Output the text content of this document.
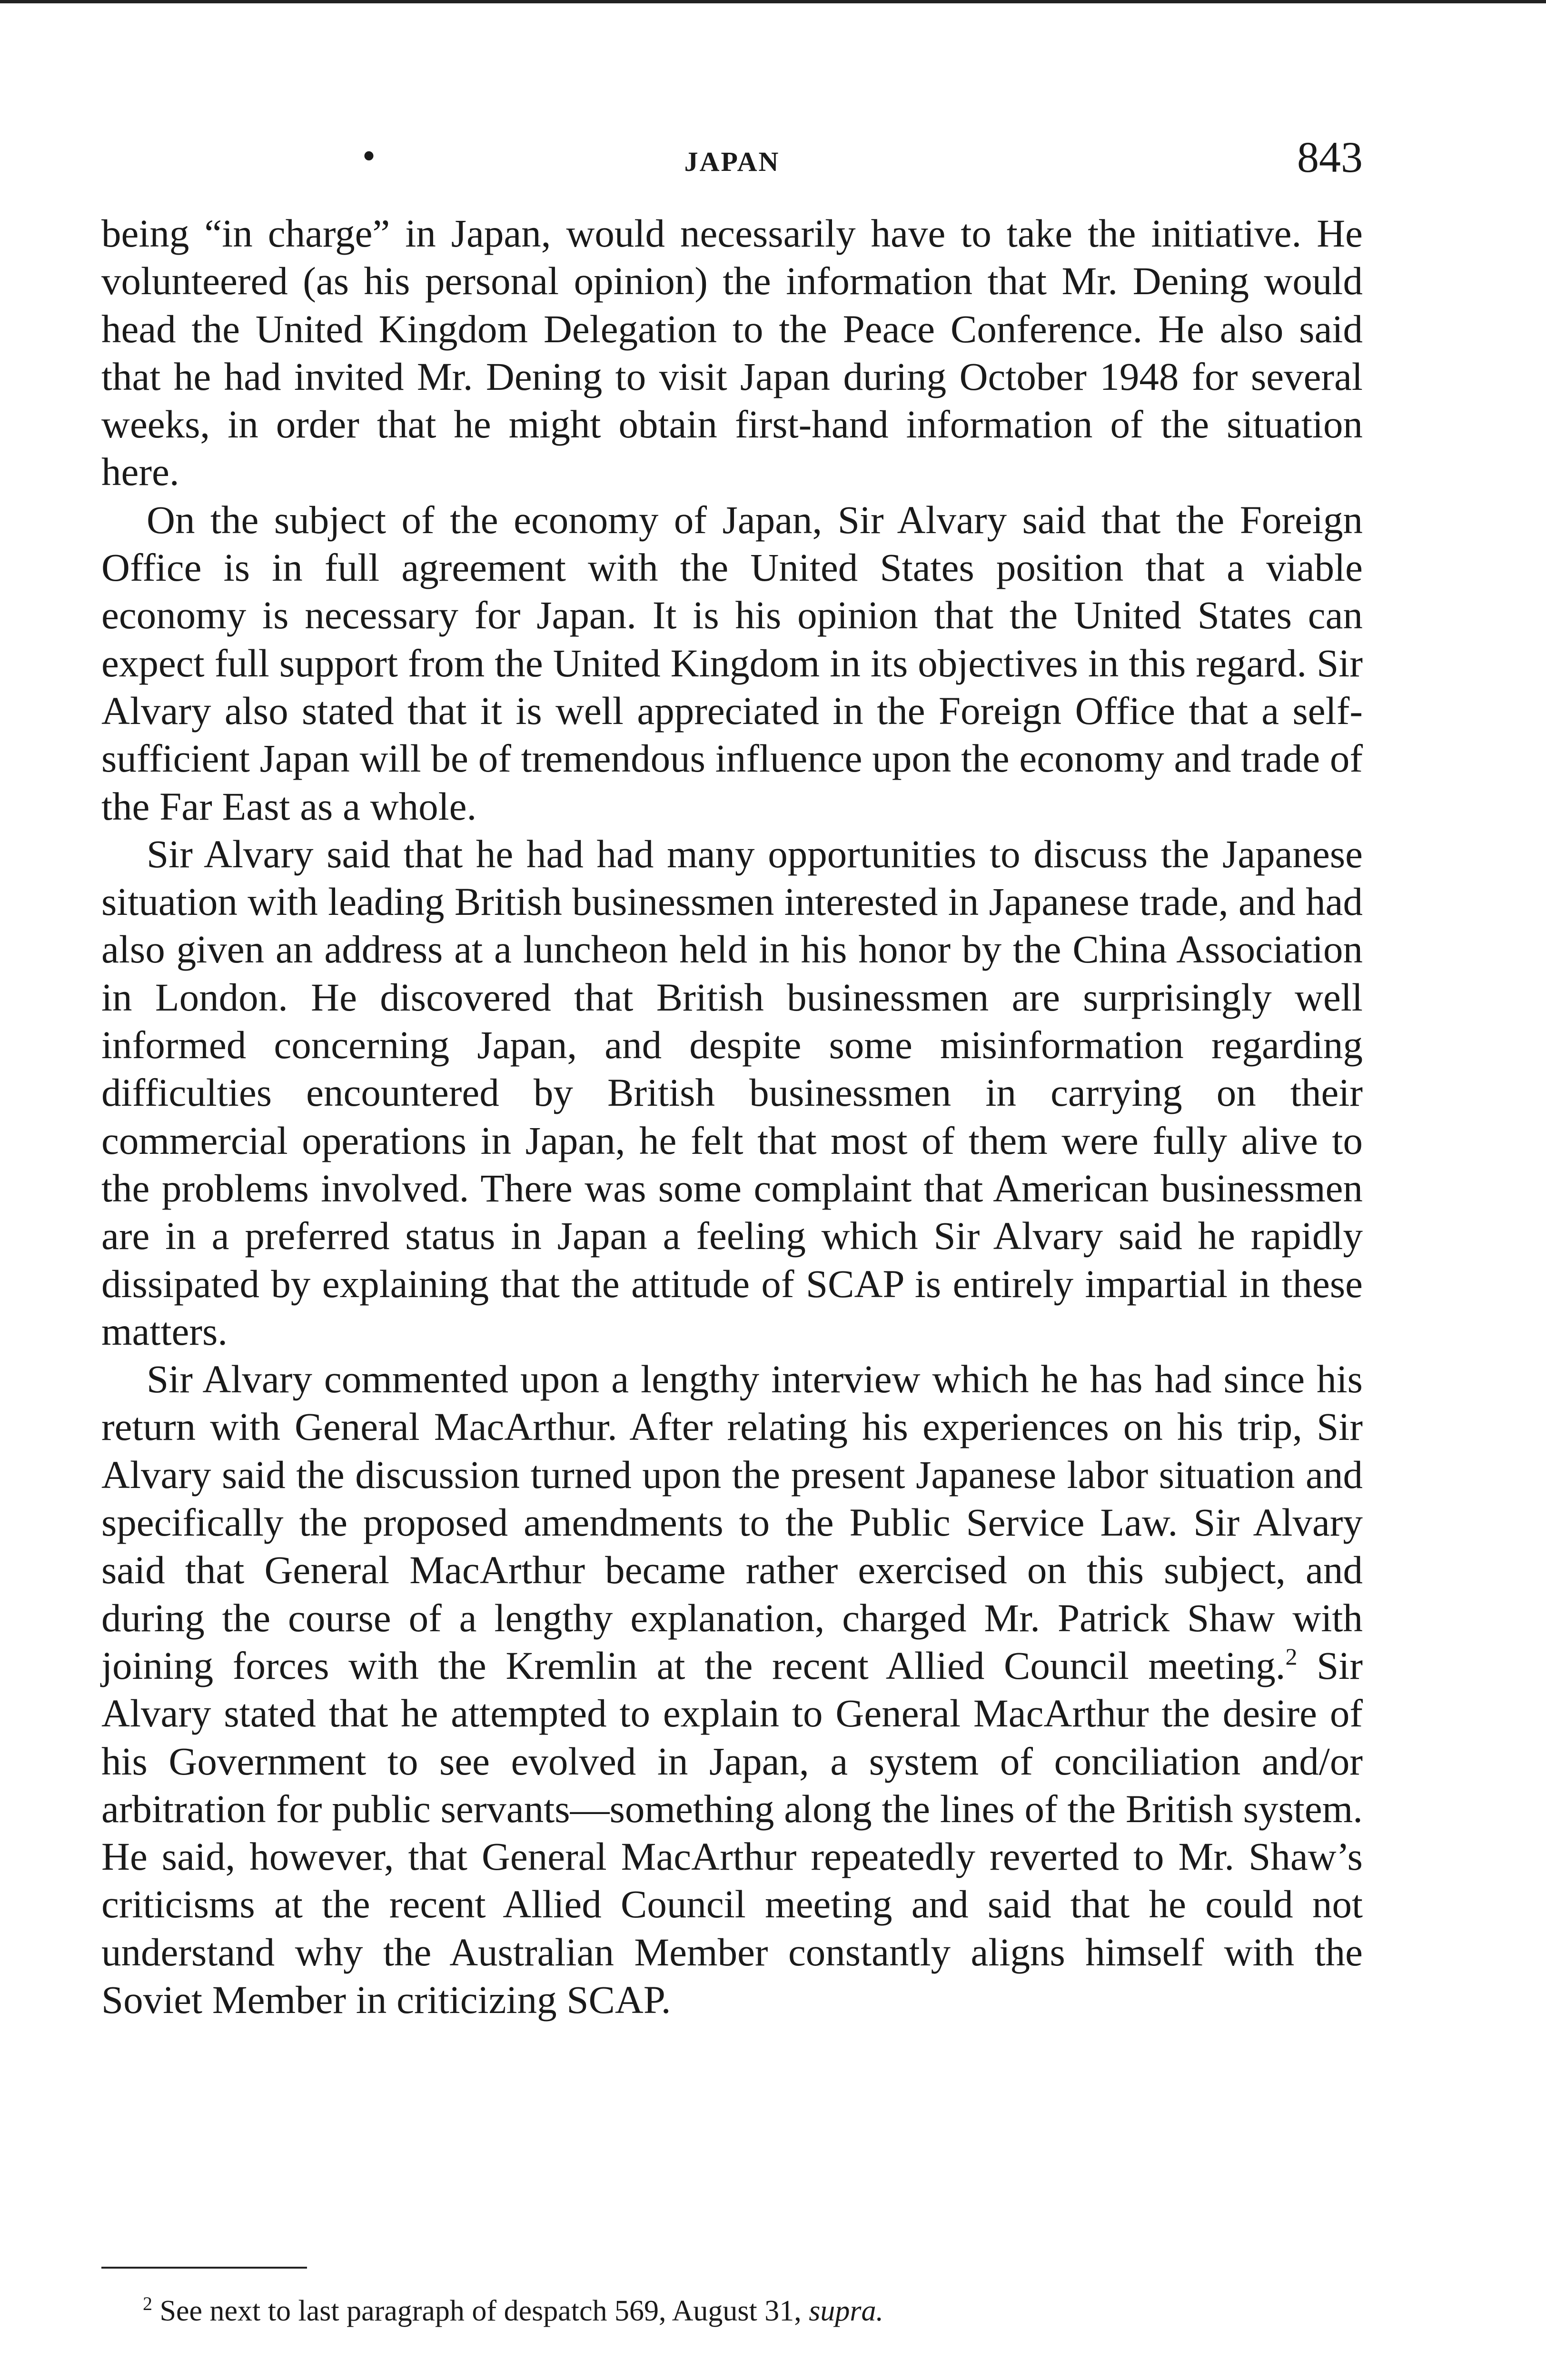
•	JAPAN	843

being “in charge” in Japan, would necessarily have to take the initiative. He volunteered (as his personal opinion) the information that Mr. Dening would head the United Kingdom Delegation to the Peace Conference. He also said that he had invited Mr. Dening to visit Japan during October 1948 for several weeks, in order that he might obtain first-hand information of the situation here.

On the subject of the economy of Japan, Sir Alvary said that the Foreign Office is in full agreement with the United States position that a viable economy is necessary for Japan. It is his opinion that the United States can expect full support from the United Kingdom in its objectives in this regard. Sir Alvary also stated that it is well appreciated in the Foreign Office that a self-sufficient Japan will be of tremendous influence upon the economy and trade of the Far East as a whole.

Sir Alvary said that he had had many opportunities to discuss the Japanese situation with leading British businessmen interested in Japanese trade, and had also given an address at a luncheon held in his honor by the China Association in London. He discovered that British businessmen are surprisingly well informed concerning Japan, and despite some misinformation regarding difficulties encountered by British businessmen in carrying on their commercial operations in Japan, he felt that most of them were fully alive to the problems involved. There was some complaint that American businessmen are in a preferred status in Japan a feeling which Sir Alvary said he rapidly dissipated by explaining that the attitude of SCAP is entirely impartial in these matters.

Sir Alvary commented upon a lengthy interview which he has had since his return with General MacArthur. After relating his experiences on his trip, Sir Alvary said the discussion turned upon the present Japanese labor situation and specifically the proposed amendments to the Public Service Law. Sir Alvary said that General MacArthur became rather exercised on this subject, and during the course of a lengthy explanation, charged Mr. Patrick Shaw with joining forces with the Kremlin at the recent Allied Council meeting.$^2$ Sir Alvary stated that he attempted to explain to General MacArthur the desire of his Government to see evolved in Japan, a system of conciliation and/or arbitration for public servants—something along the lines of the British system. He said, however, that General MacArthur repeatedly reverted to Mr. Shaw’s criticisms at the recent Allied Council meeting and said that he could not understand why the Australian Member constantly aligns himself with the Soviet Member in criticizing SCAP.

$^2$ See next to last paragraph of despatch 569, August 31, supra.
